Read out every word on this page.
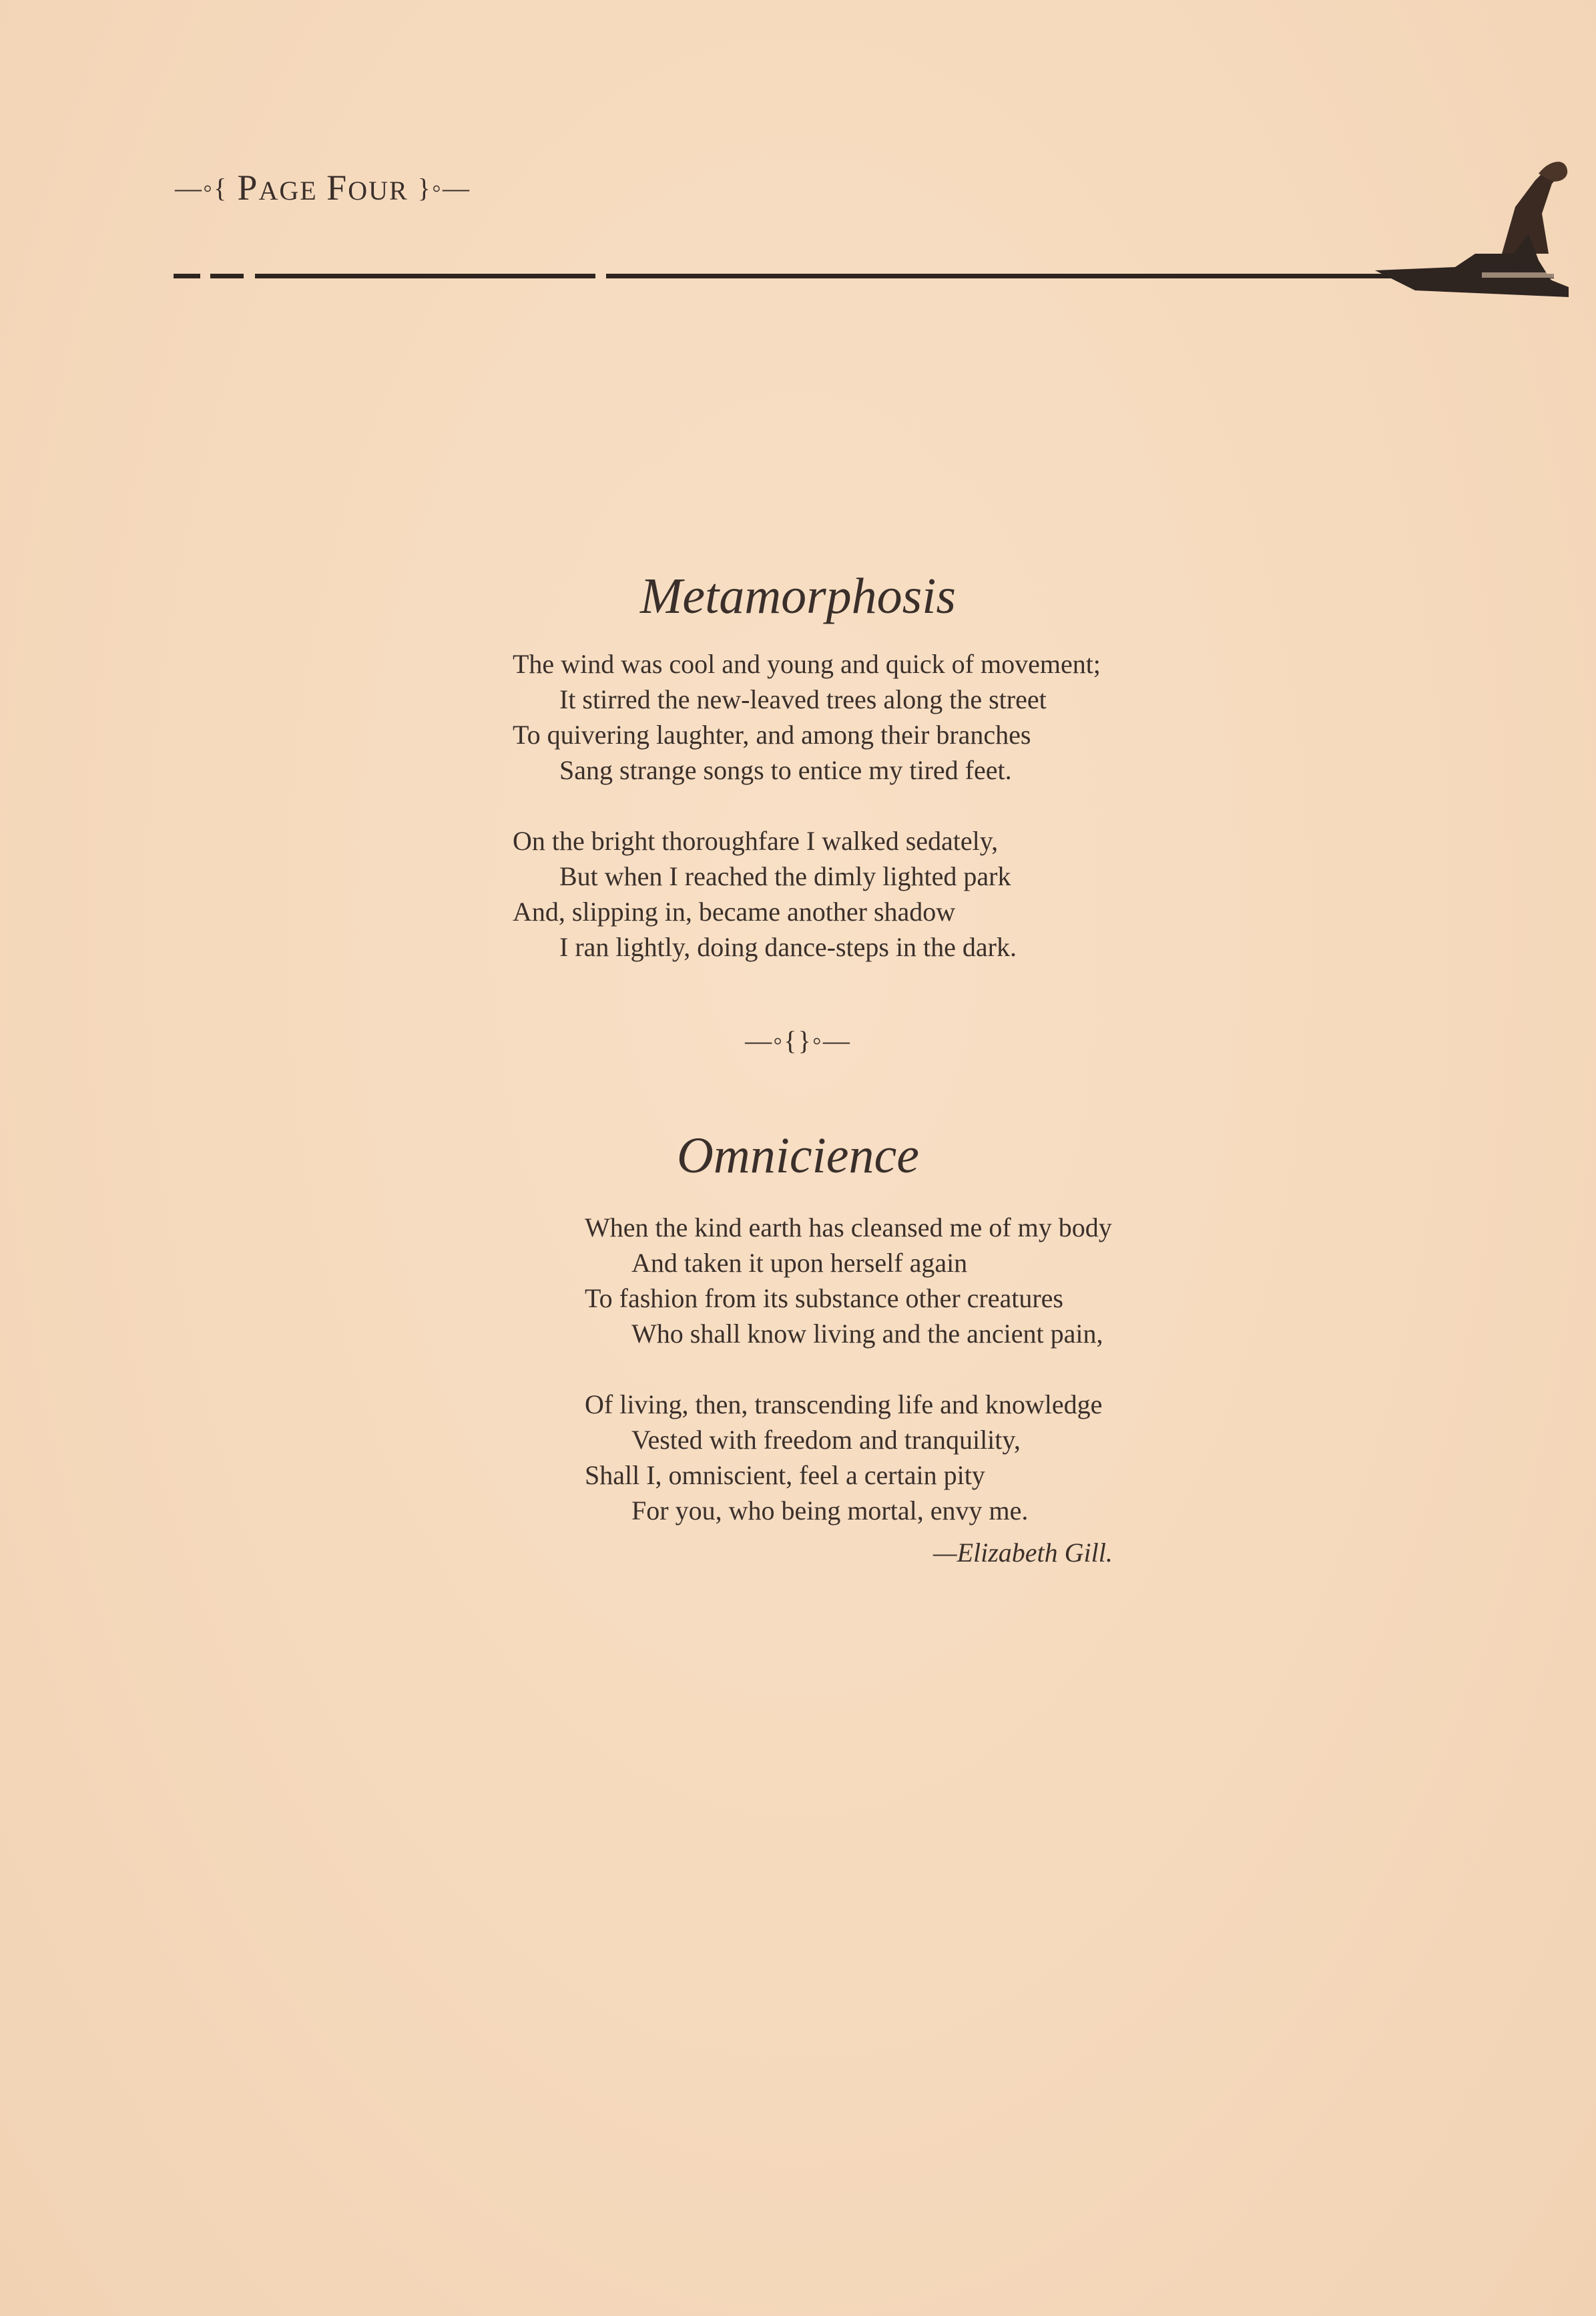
—◦{ PAGE FOUR }◦—
Metamorphosis
The wind was cool and young and quick of movement;
It stirred the new-leaved trees along the street
To quivering laughter, and among their branches
Sang strange songs to entice my tired feet.
On the bright thoroughfare I walked sedately,
But when I reached the dimly lighted park
And, slipping in, became another shadow
I ran lightly, doing dance-steps in the dark.
—◦{}◦—
Omnicience
When the kind earth has cleansed me of my body
And taken it upon herself again
To fashion from its substance other creatures
Who shall know living and the ancient pain,
Of living, then, transcending life and knowledge
Vested with freedom and tranquility,
Shall I, omniscient, feel a certain pity
For you, who being mortal, envy me.
—Elizabeth Gill.
